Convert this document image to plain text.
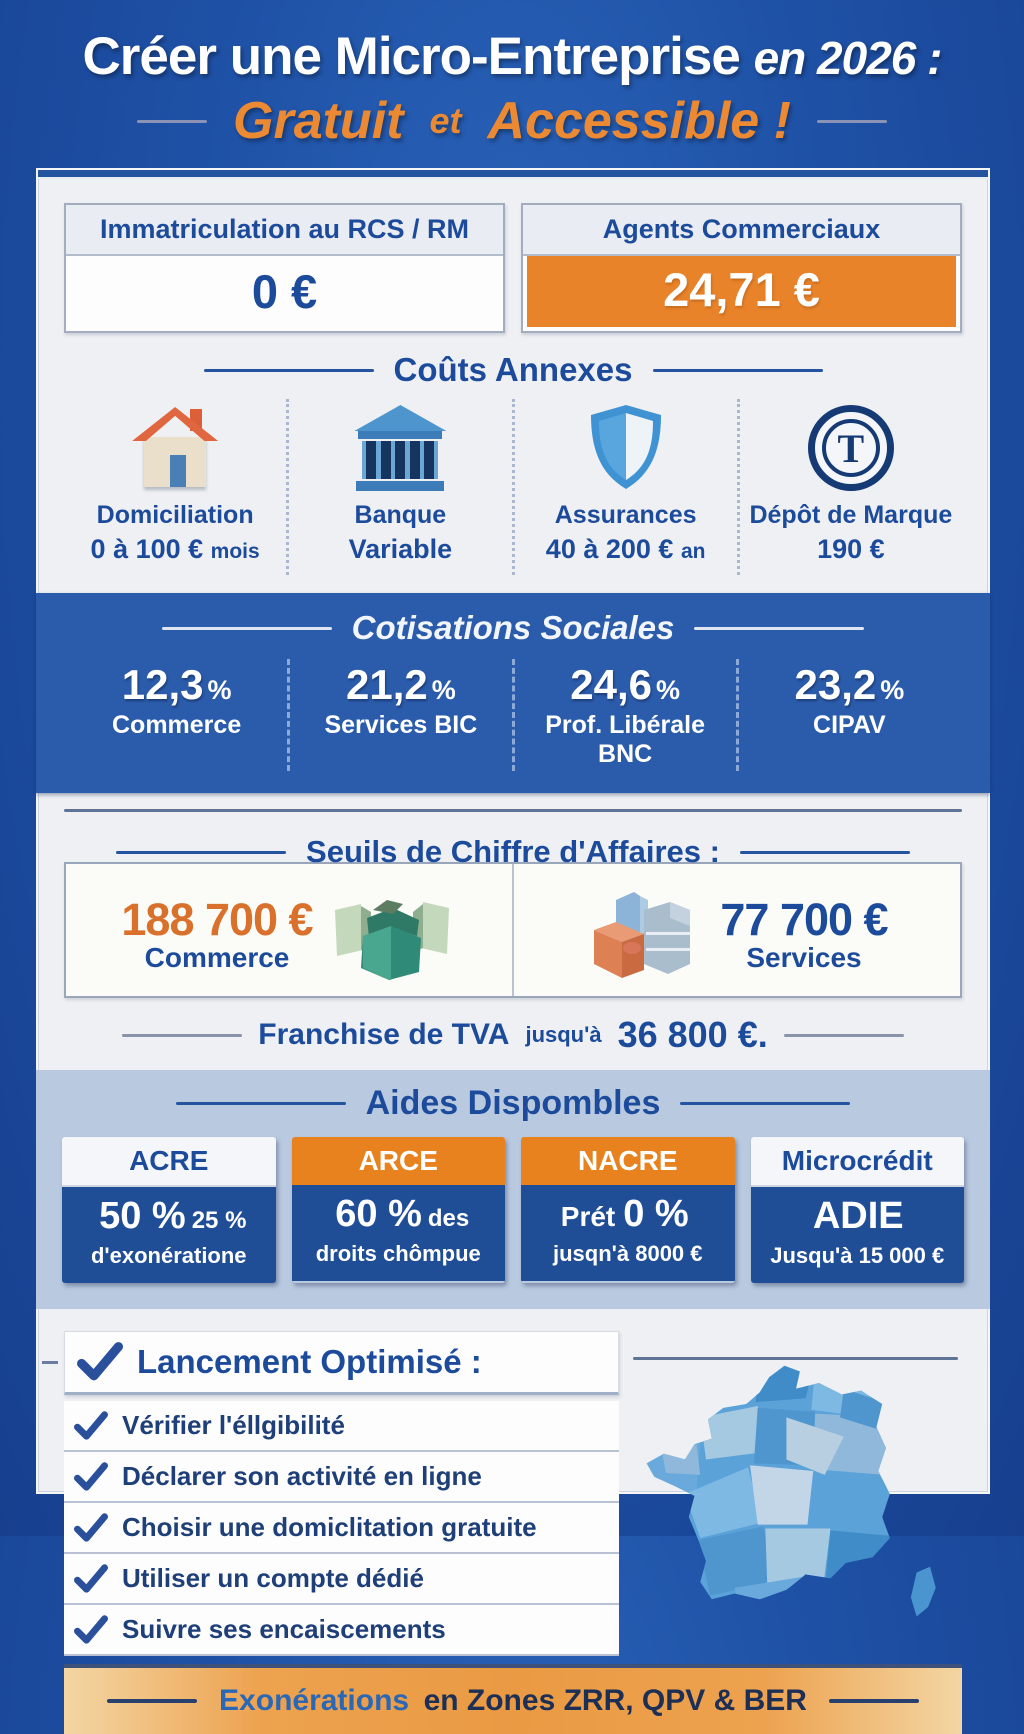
Créer une Micro-Entreprise en 2026 :
Gratuit et Accessible !
Immatriculation au RCS / RM
0 €
Agents Commerciaux
24,71 €
Coûts Annexes
Domiciliation
0 à 100 € mois
Banque
Variable
Assurances
40 à 200 € an
T
Dépôt de Marque
190 €
Cotisations Sociales
12,3 %
Commerce
21,2 %
Services BIC
24,6 %
Prof. Libérale BNC
23,2 %
CIPAV
Seuils de Chiffre d'Affaires :
188 700 €
Commerce
77 700 €
Services
Franchise de TVA jusqu'à 36 800 €.
Aides Dispombles
ACRE
50 % 25 %
d'exonératione
ARCE
60 % des
droits chômpue
NACRE
Prét 0 %
jusqn'à 8000 €
Microcrédit
ADIE
Jusqu'à 15 000 €
Lancement Optimisé :
Vérifier l'éllgibilité
Déclarer son activité en ligne
Choisir une domiclitation gratuite
Utiliser un compte dédié
Suivre ses encaiscements
Exonérations en Zones ZRR, QPV & BER
